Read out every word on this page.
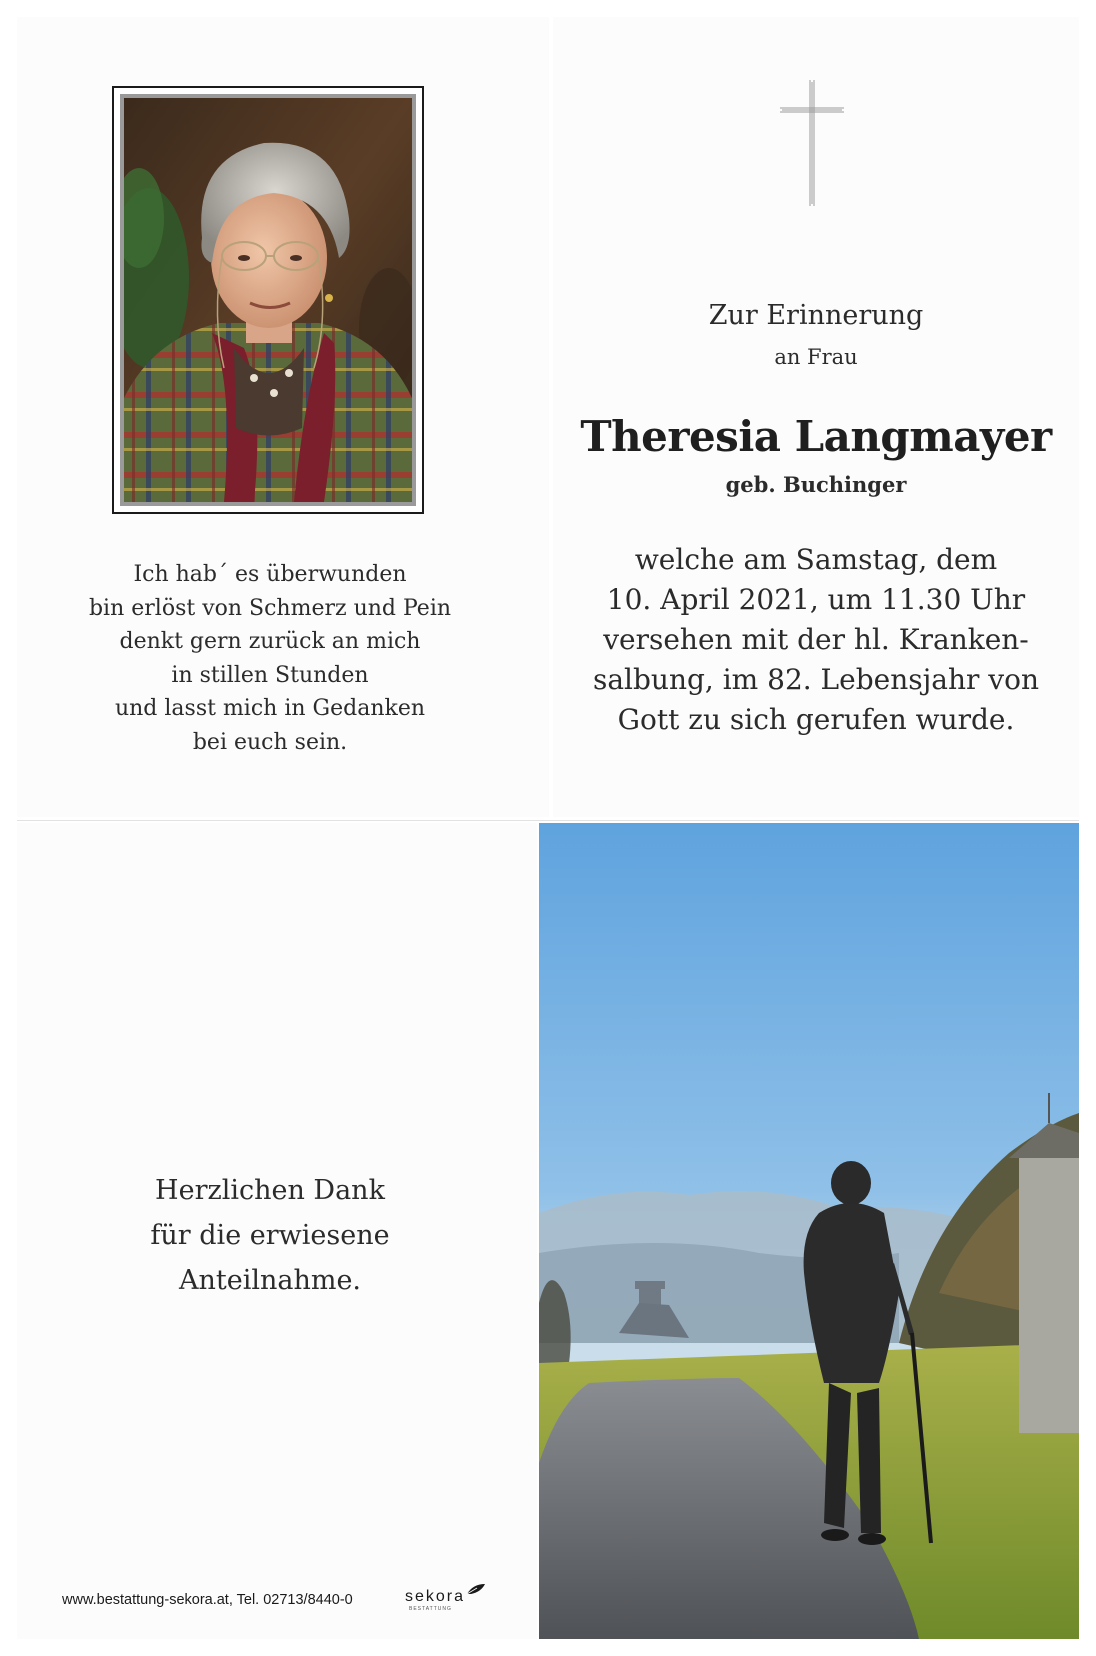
Ich hab´ es überwunden
bin erlöst von Schmerz und Pein
denkt gern zurück an mich
in stillen Stunden
und lasst mich in Gedanken
bei euch sein.
Zur Erinnerung
an Frau
Theresia Langmayer
geb. Buchinger
welche am Samstag, dem
10. April 2021, um 11.30 Uhr
versehen mit der hl. Kranken-
salbung, im 82. Lebensjahr von
Gott zu sich gerufen wurde.
Herzlichen Dank
für die erwiesene
Anteilnahme.
www.bestattung-sekora.at, Tel. 02713/8440-0	sekora
BESTATTUNG
